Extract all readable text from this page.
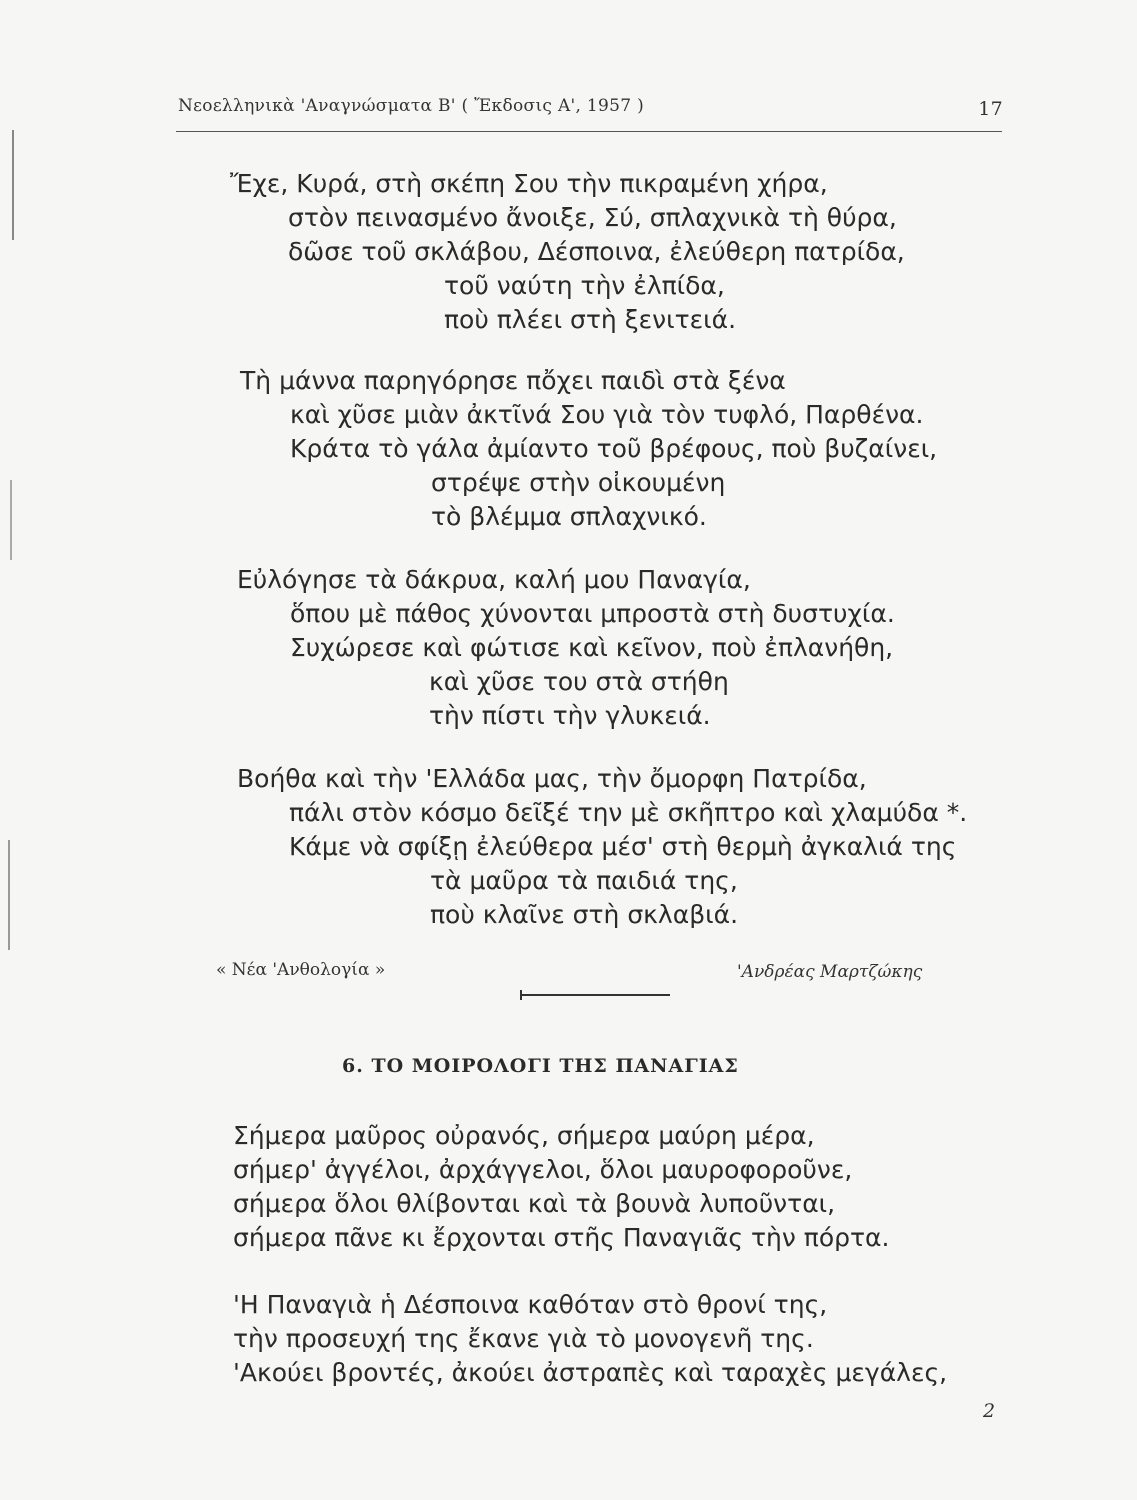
Νεοελληνικὰ 'Αναγνώσματα Β' ( Ἔκδοσις Α', 1957 )	17
Ἔχε, Κυρά, στὴ σκέπη Σου τὴν πικραμένη χήρα,
στὸν πεινασμένο ἄνοιξε, Σύ, σπλαχνικὰ τὴ θύρα,
δῶσε τοῦ σκλάβου, Δέσποινα, ἐλεύθερη πατρίδα,
τοῦ ναύτη τὴν ἐλπίδα,
ποὺ πλέει στὴ ξενιτειά.
Τὴ μάννα παρηγόρησε πὄχει παιδὶ στὰ ξένα
καὶ χῦσε μιὰν ἀκτῖνά Σου γιὰ τὸν τυφλό, Παρθένα.
Κράτα τὸ γάλα ἀμίαντο τοῦ βρέφους, ποὺ βυζαίνει,
στρέψε στὴν οἰκουμένη
τὸ βλέμμα σπλαχνικό.
Εὐλόγησε τὰ δάκρυα, καλή μου Παναγία,
ὅπου μὲ πάθος χύνονται μπροστὰ στὴ δυστυχία.
Συχώρεσε καὶ φώτισε καὶ κεῖνον, ποὺ ἐπλανήθη,
καὶ χῦσε του στὰ στήθη
τὴν πίστι τὴν γλυκειά.
Βοήθα καὶ τὴν 'Ελλάδα μας, τὴν ὄμορφη Πατρίδα,
πάλι στὸν κόσμο δεῖξέ την μὲ σκῆπτρο καὶ χλαμύδα *.
Κάμε νὰ σφίξῃ ἐλεύθερα μέσ' στὴ θερμὴ ἀγκαλιά της
τὰ μαῦρα τὰ παιδιά της,
ποὺ κλαῖνε στὴ σκλαβιά.
« Νέα 'Ανθολογία »	'Ανδρέας Μαρτζώκης
6. ΤΟ ΜΟΙΡΟΛΟΓΙ ΤΗΣ ΠΑΝΑΓΙΑΣ
Σήμερα μαῦρος οὐρανός, σήμερα μαύρη μέρα,
σήμερ' ἀγγέλοι, ἀρχάγγελοι, ὅλοι μαυροφοροῦνε,
σήμερα ὅλοι θλίβονται καὶ τὰ βουνὰ λυποῦνται,
σήμερα πᾶνε κι ἔρχονται στῆς Παναγιᾶς τὴν πόρτα.
'Η Παναγιὰ ἡ Δέσποινα καθόταν στὸ θρονί της,
τὴν προσευχή της ἔκανε γιὰ τὸ μονογενῆ της.
'Ακούει βροντές, ἀκούει ἀστραπὲς καὶ ταραχὲς μεγάλες,
2
